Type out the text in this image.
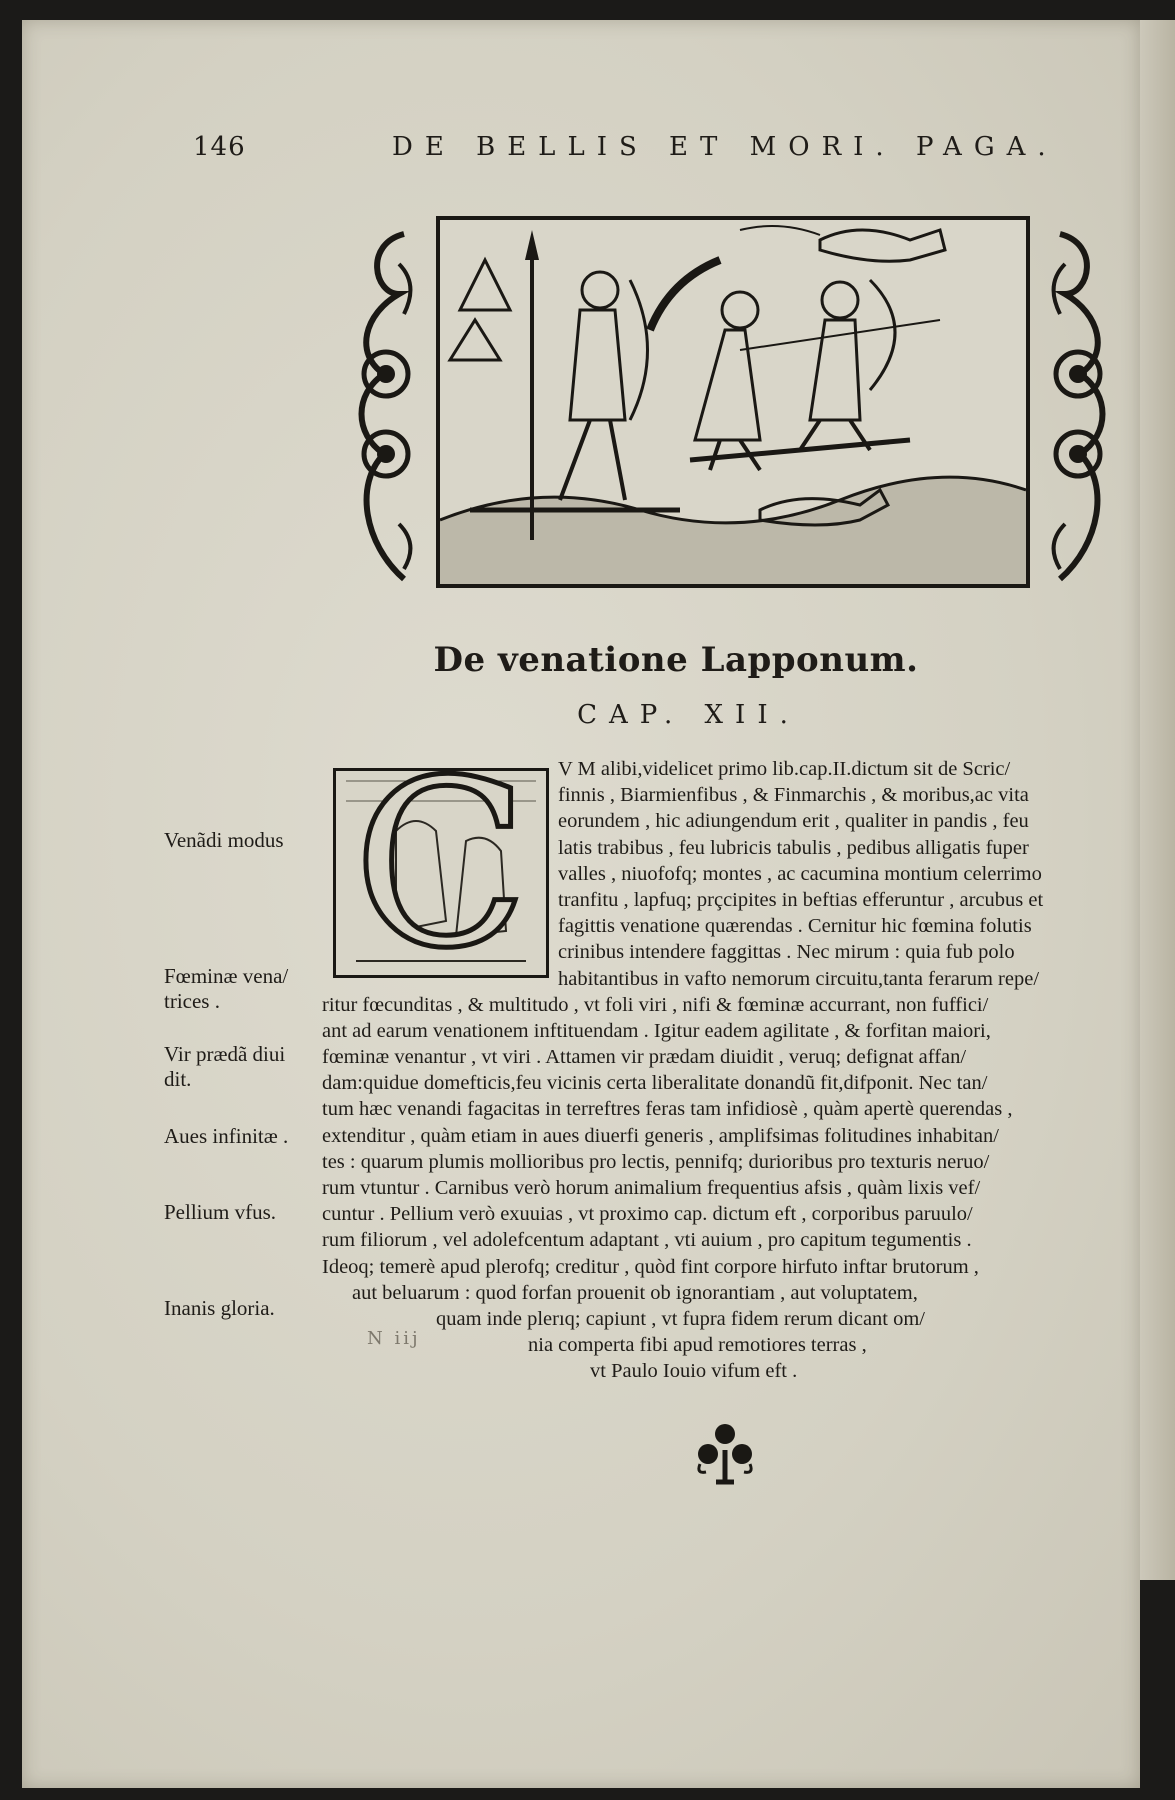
146	DE BELLIS ET MORI. PAGA.
De venatione Lapponum.
CAP. XII.
C	V M alibi,videlicet primo lib.cap.II.dictum sit de Scric/
finnis , Biarmienfibus , & Finmarchis , & moribus,ac vita
eorundem , hic adiungendum erit , qualiter in pandis , feu
latis trabibus , feu lubricis tabulis , pedibus alligatis fuper
valles , niuofofq; montes , ac cacumina montium celerrimo
tranfitu , lapfuq; prçcipites in beftias efferuntur , arcubus et
fagittis venatione quærendas . Cernitur hic fœmina folutis
crinibus intendere faggittas . Nec mirum : quia fub polo
habitantibus in vafto nemorum circuitu,tanta ferarum repe/
ritur fœcunditas , & multitudo , vt foli viri , nifi & fœminæ accurrant, non fuffici/
ant ad earum venationem inftituendam . Igitur eadem agilitate , & forfitan maiori,
fœminæ venantur , vt viri . Attamen vir prædam diuidit , veruq; defignat affan/
dam:quidue domefticis,feu vicinis certa liberalitate donandũ fit,difponit. Nec tan/
tum hæc venandi fagacitas in terreftres feras tam infidiosè , quàm apertè querendas ,
extenditur , quàm etiam in aues diuerfi generis , amplifsimas folitudines inhabitan/
tes : quarum plumis mollioribus pro lectis, pennifq; durioribus pro texturis neruo/
rum vtuntur . Carnibus verò horum animalium frequentius afsis , quàm lixis vef/
cuntur . Pellium verò exuuias , vt proximo cap. dictum eft , corporibus paruulo/
rum filiorum , vel adolefcentum adaptant , vti auium , pro capitum tegumentis .
Ideoq; temerè apud plerofq; creditur , quòd fint corpore hirfuto inftar brutorum ,
aut beluarum : quod forfan prouenit ob ignorantiam , aut voluptatem,
quam inde plerıq; capiunt , vt fupra fidem rerum dicant om/
nia comperta fibi apud remotiores terras ,
vt Paulo Iouio vifum eft .
Venãdi modus
Fœminæ vena/ trices .
Vir prædã diui dit.
Aues infinitæ .
Pellium vfus.
Inanis gloria.
N iij
